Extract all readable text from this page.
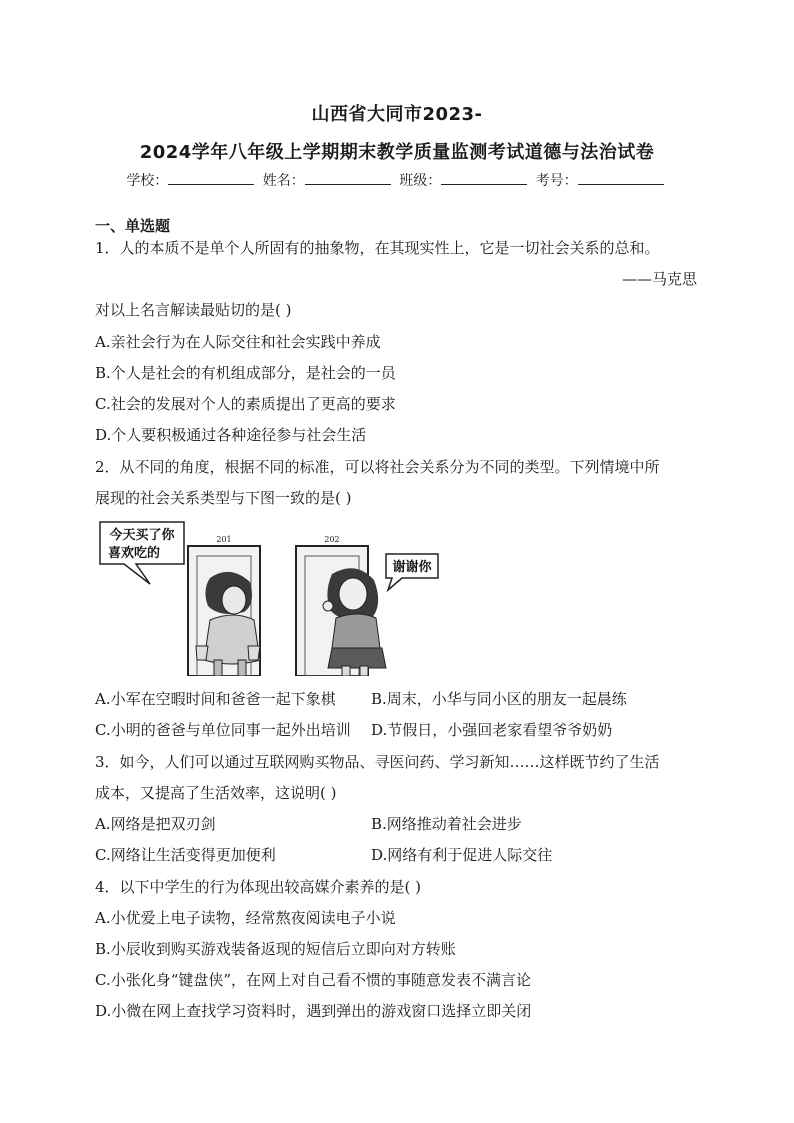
山西省大同市2023-
2024学年八年级上学期期末教学质量监测考试道德与法治试卷
学校：	姓名：	班级：	考号：
一、单选题
1．人的本质不是单个人所固有的抽象物，在其现实性上，它是一切社会关系的总和。
——马克思
对以上名言解读最贴切的是( )
A.亲社会行为在人际交往和社会实践中养成
B.个人是社会的有机组成部分，是社会的一员
C.社会的发展对个人的素质提出了更高的要求
D.个人要积极通过各种途径参与社会生活
2．从不同的角度，根据不同的标准，可以将社会关系分为不同的类型。下列情境中所
展现的社会关系类型与下图一致的是( )
201	202
今天买了你
喜欢吃的
谢谢你
A.小军在空暇时间和爸爸一起下象棋 B.周末，小华与同小区的朋友一起晨练
C.小明的爸爸与单位同事一起外出培训 D.节假日，小强回老家看望爷爷奶奶
3．如今，人们可以通过互联网购买物品、寻医问药、学习新知……这样既节约了生活
成本，又提高了生活效率，这说明( )
A.网络是把双刃剑	B.网络推动着社会进步
C.网络让生活变得更加便利	D.网络有利于促进人际交往
4．以下中学生的行为体现出较高媒介素养的是( )
A.小优爱上电子读物，经常熬夜阅读电子小说
B.小辰收到购买游戏装备返现的短信后立即向对方转账
C.小张化身“键盘侠”，在网上对自己看不惯的事随意发表不满言论
D.小微在网上查找学习资料时，遇到弹出的游戏窗口选择立即关闭
